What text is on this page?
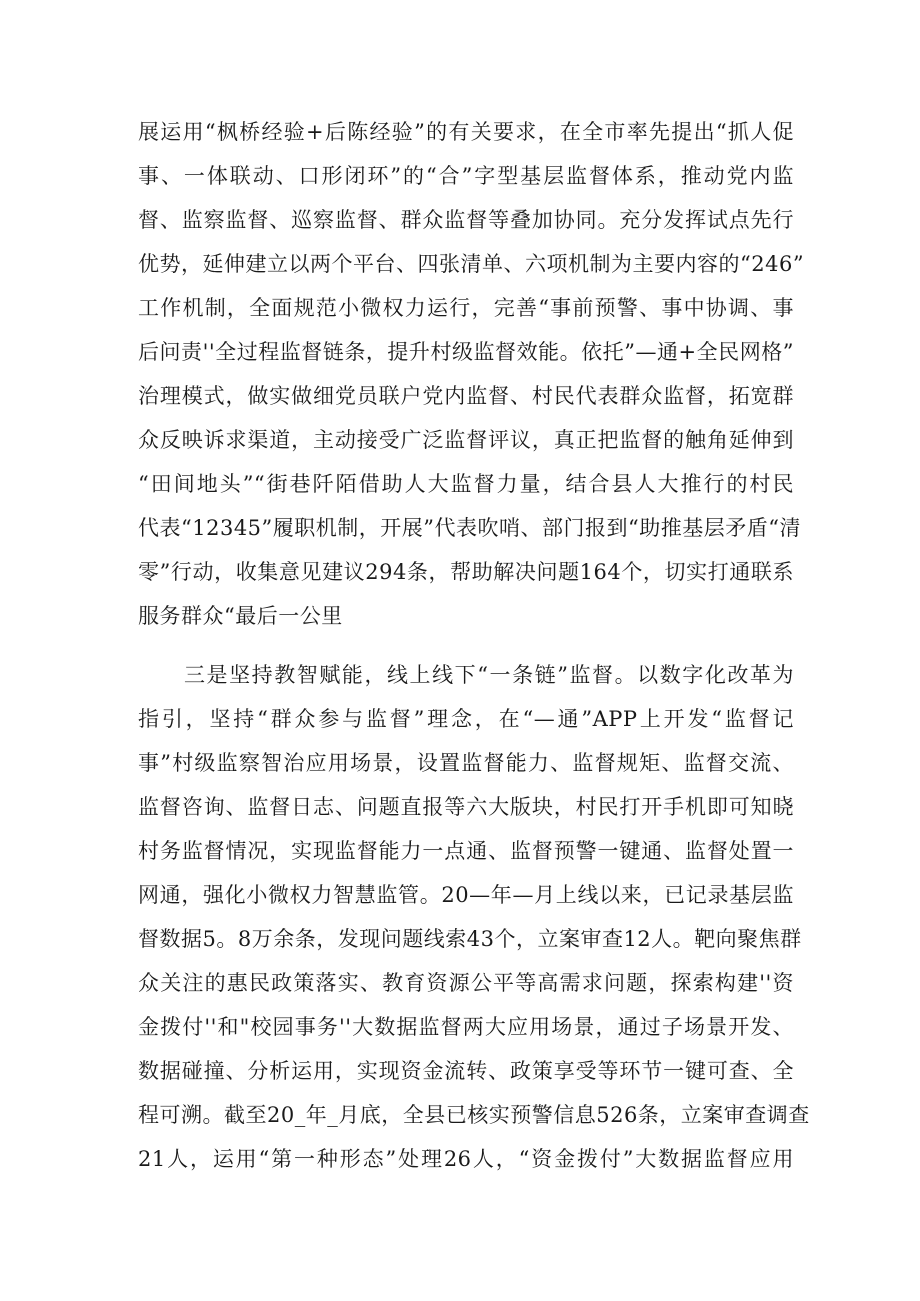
展运用“枫桥经验+后陈经验”的有关要求，在全市率先提出“抓人促
事、一体联动、口形闭环”的“合”字型基层监督体系，推动党内监
督、监察监督、巡察监督、群众监督等叠加协同。充分发挥试点先行
优势，延伸建立以两个平台、四张清单、六项机制为主要内容的“246”
工作机制，全面规范小微权力运行，完善“事前预警、事中协调、事
后问责''全过程监督链条，提升村级监督效能。依托”—通+全民网格”
治理模式，做实做细党员联户党内监督、村民代表群众监督，拓宽群
众反映诉求渠道，主动接受广泛监督评议，真正把监督的触角延伸到
“田间地头”“街巷阡陌借助人大监督力量，结合县人大推行的村民
代表“12345”履职机制，开展”代表吹哨、部门报到“助推基层矛盾“清
零”行动，收集意见建议294条，帮助解决问题164个，切实打通联系
服务群众“最后一公里
三是坚持教智赋能，线上线下“一条链”监督。以数字化改革为
指引，坚持“群众参与监督”理念，在“—通”APP上开发“监督记
事”村级监察智治应用场景，设置监督能力、监督规矩、监督交流、
监督咨询、监督日志、问题直报等六大版块，村民打开手机即可知晓
村务监督情况，实现监督能力一点通、监督预警一键通、监督处置一
网通，强化小微权力智慧监管。20—年—月上线以来，已记录基层监
督数据5。8万余条，发现问题线索43个，立案审查12人。靶向聚焦群
众关注的惠民政策落实、教育资源公平等高需求问题，探索构建''资
金拨付''和"校园事务''大数据监督两大应用场景，通过子场景开发、
数据碰撞、分析运用，实现资金流转、政策享受等环节一键可查、全
程可溯。截至20_年_月底，全县已核实预警信息526条，立案审查调查
21人，运用“第一种形态”处理26人，“资金拨付”大数据监督应用
